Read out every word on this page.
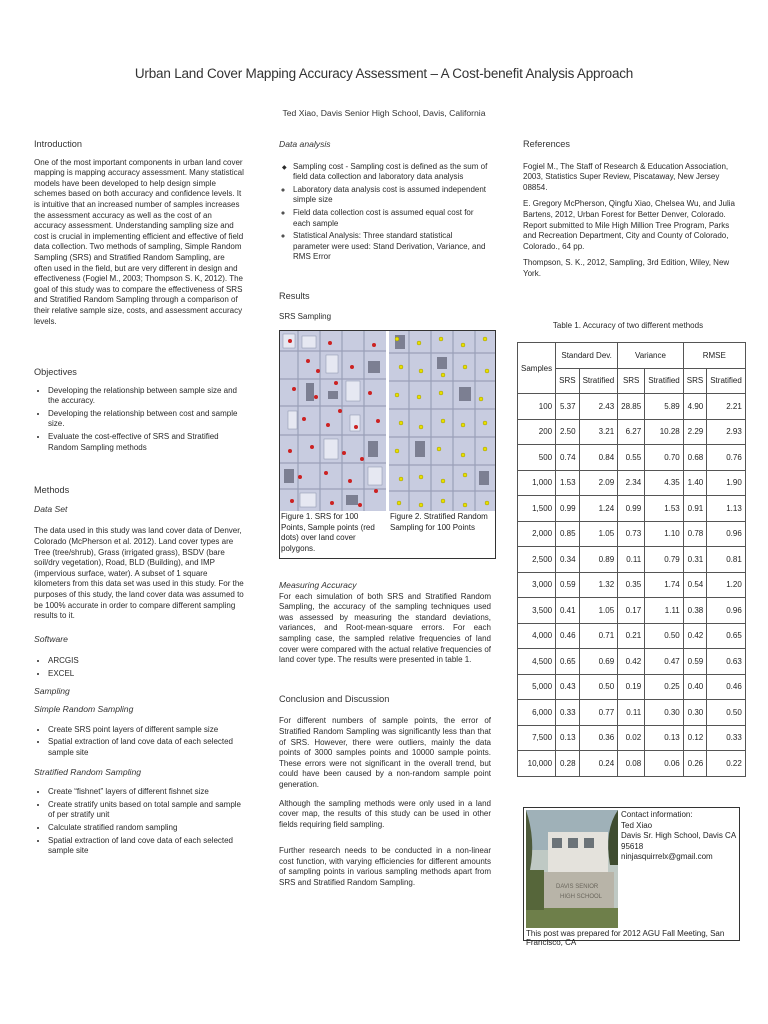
Urban Land Cover Mapping Accuracy Assessment – A Cost-benefit Analysis Approach
Ted Xiao, Davis Senior High School, Davis, California
Introduction

One of the most important components in urban land cover mapping is mapping accuracy assessment. Many statistical models have been developed to help design simple schemes based on both accuracy and confidence levels. It is intuitive that an increased number of samples increases the assessment accuracy as well as the cost of an accuracy assessment. Understanding sampling size and cost is crucial in implementing efficient and effective of field data collection. Two methods of sampling, Simple Random Sampling (SRS) and Stratified Random Sampling, are often used in the field, but are very different in design and effectiveness (Fogiel M., 2003; Thompson S. K, 2012). The goal of this study was to compare the effectiveness of SRS and Stratified Random Sampling through a comparison of their relative sample size, costs, and assessment accuracy levels.

Objectives
• Developing the relationship between sample size and the accuracy.
• Developing the relationship between cost and sample size.
• Evaluate the cost-effective of SRS and Stratified Random Sampling methods
Methods
Data Set

The data used in this study was land cover data of Denver, Colorado (McPherson et al. 2012). Land cover types are Tree (tree/shrub), Grass (irrigated grass), BSDV (bare soil/dry vegetation), Road, BLD (Building), and IMP (impervious surface, water). A subset of 1 square kilometers from this data set was used in this study. For the purposes of this study, the land cover data was assumed to be 100% accurate in order to compare different sampling results to it.

Software
• ARCGIS
• EXCEL
Sampling
Simple Random Sampling
• Create SRS point layers of different sample size
• Spatial extraction of land cove data of each selected sample site
Stratified Random Sampling
• Create “fishnet” layers of different fishnet size
• Create stratify units based on total sample and sample of per stratify unit
• Calculate stratified random sampling
• Spatial extraction of land cove data of each selected sample site
Data analysis
◆ Sampling cost - Sampling cost is defined as the sum of field data collection and laboratory data analysis
◦ Laboratory data analysis cost is assumed independent simple size
◦ Field data collection cost is assumed equal cost for each sample
◦ Statistical Analysis: Three standard statistical parameter were used: Stand Derivation, Variance, and RMS Error
Results
SRS Sampling
Figure 1. SRS for 100 Points, Sample points (red dots) over land cover polygons.
Figure 2. Stratified Random Sampling for 100 Points
Measuring Accuracy

For each simulation of both SRS and Stratified Random Sampling, the accuracy of the sampling techniques used was assessed by measuring the standard deviations, variances, and Root-mean-square errors. For each sampling case, the sampled relative frequencies of land cover were compared with the actual relative frequencies of land cover type. The results were presented in table 1.

Conclusion and Discussion

For different numbers of sample points, the error of Stratified Random Sampling was significantly less than that of SRS. However, there were outliers, mainly the data points of 3000 samples points and 10000 sample points. These errors were not significant in the overall trend, but could have been caused by a non-random sample point generation.

Although the sampling methods were only used in a land cover map, the results of this study can be used in other fields requiring field sampling.

Further research needs to be conducted in a non-linear cost function, with varying efficiencies for different amounts of sampling points in various sampling methods apart from SRS and Stratified Random Sampling.

References

Fogiel M., The Staff of Research & Education Association, 2003, Statistics Super Review, Piscataway, New Jersey 08854.

E. Gregory McPherson, Qingfu Xiao, Chelsea Wu, and Julia Bartens, 2012, Urban Forest for Better Denver, Colorado. Report submitted to Mile High Million Tree Program, Parks and Recreation Department, City and County of Colorado, Colorado., 64 pp.

Thompson, S. K., 2012, Sampling, 3rd Edition, Wiley, New York.

Table 1. Accuracy of two different methods
Samples	Standard Dev.		Variance		RMSE	
	SRS	Stratified	SRS	Stratified	SRS	Stratified
100	5.37	2.43	28.85	5.89	4.90	2.21
200	2.50	3.21	6.27	10.28	2.29	2.93
500	0.74	0.84	0.55	0.70	0.68	0.76
1,000	1.53	2.09	2.34	4.35	1.40	1.90
1,500	0.99	1.24	0.99	1.53	0.91	1.13
2,000	0.85	1.05	0.73	1.10	0.78	0.96
2,500	0.34	0.89	0.11	0.79	0.31	0.81
3,000	0.59	1.32	0.35	1.74	0.54	1.20
3,500	0.41	1.05	0.17	1.11	0.38	0.96
4,000	0.46	0.71	0.21	0.50	0.42	0.65
4,500	0.65	0.69	0.42	0.47	0.59	0.63
5,000	0.43	0.50	0.19	0.25	0.40	0.46
6,000	0.33	0.77	0.11	0.30	0.30	0.50
7,500	0.13	0.36	0.02	0.13	0.12	0.33
10,000	0.28	0.24	0.08	0.06	0.26	0.22
DAVIS SENIOR
HIGH SCHOOL
Contact information:
Ted Xiao
Davis Sr. High School, Davis CA 95618
ninjasquirrelx@gmail.com
This post was prepared for 2012 AGU Fall Meeting, San Francisco, CA
